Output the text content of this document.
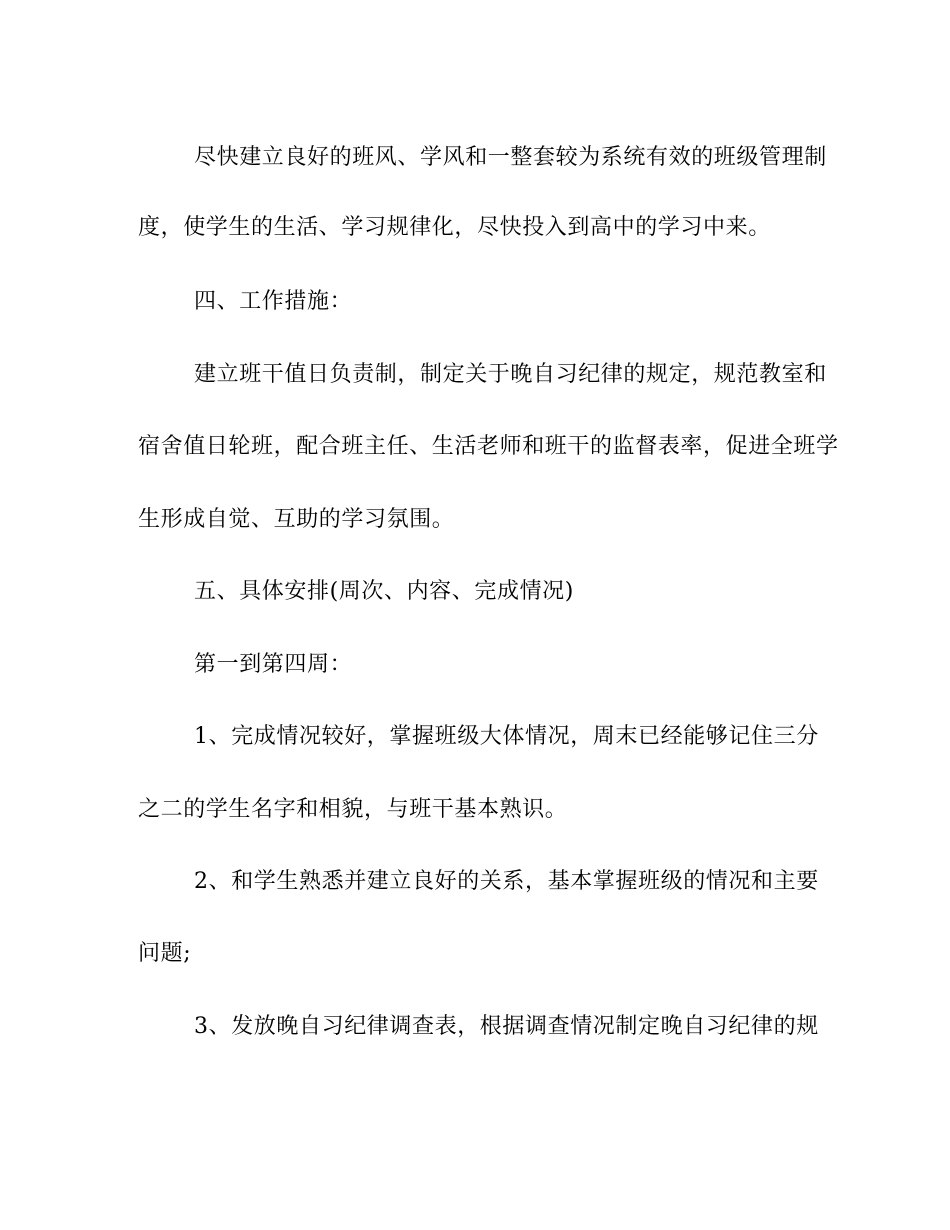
尽快建立良好的班风、学风和一整套较为系统有效的班级管理制

度，使学生的生活、学习规律化，尽快投入到高中的学习中来。

四、工作措施：

建立班干值日负责制，制定关于晚自习纪律的规定，规范教室和

宿舍值日轮班，配合班主任、生活老师和班干的监督表率，促进全班学

生形成自觉、互助的学习氛围。

五、具体安排(周次、内容、完成情况)

第一到第四周：

1、完成情况较好，掌握班级大体情况，周末已经能够记住三分

之二的学生名字和相貌，与班干基本熟识。

2、和学生熟悉并建立良好的关系，基本掌握班级的情况和主要

问题;

3、发放晚自习纪律调查表，根据调查情况制定晚自习纪律的规
